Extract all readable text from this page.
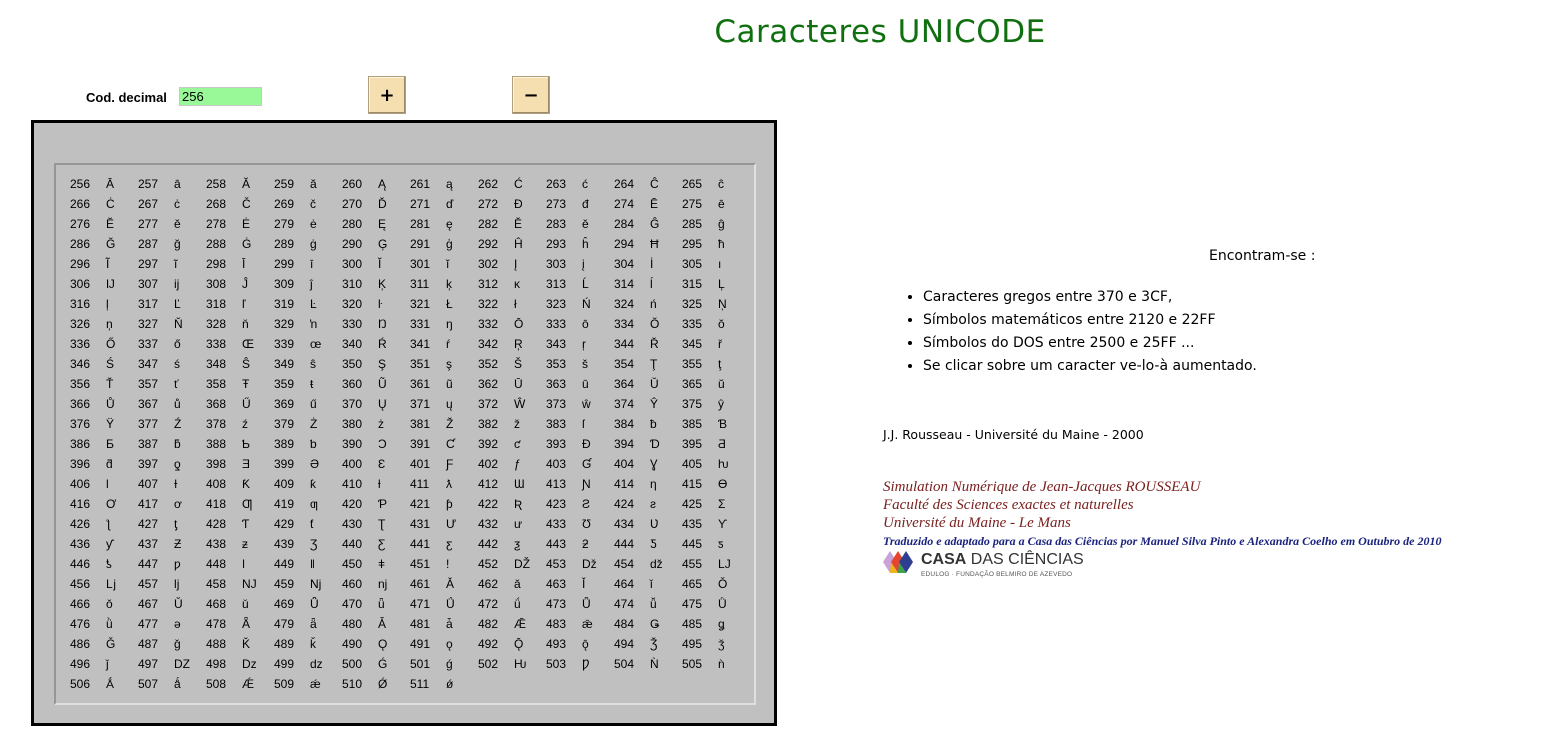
Caracteres UNICODE
Cod. decimal
256	+	−
256 Ā 257 ā 258 Ă 259 ă 260 Ą 261 ą 262 Ć 263 ć 264 Ĉ 265 ĉ
266 Ċ 267 ċ 268 Č 269 č 270 Ď 271 ď 272 Đ 273 đ 274 Ē 275 ē
276 Ĕ 277 ĕ 278 Ė 279 ė 280 Ę 281 ę 282 Ě 283 ě 284 Ĝ 285 ĝ
286 Ğ 287 ğ 288 Ġ 289 ġ 290 Ģ 291 ģ 292 Ĥ 293 ĥ 294 Ħ 295 ħ
296 Ĩ 297 ĩ 298 Ī 299 ī 300 Ĭ 301 ĭ 302 Į 303 į 304 İ 305 ı
306 Ĳ 307 ĳ 308 Ĵ 309 ĵ 310 Ķ 311 ķ 312 ĸ 313 Ĺ 314 ĺ 315 Ļ
316 ļ 317 Ľ 318 ľ 319 Ŀ 320 ŀ 321 Ł 322 ł 323 Ń 324 ń 325 Ņ
326 ņ 327 Ň 328 ň 329 ŉ 330 Ŋ 331 ŋ 332 Ō 333 ō 334 Ŏ 335 ŏ
336 Ő 337 ő 338 Œ 339 œ 340 Ŕ 341 ŕ 342 Ŗ 343 ŗ 344 Ř 345 ř
346 Ś 347 ś 348 Ŝ 349 ŝ 350 Ş 351 ş 352 Š 353 š 354 Ţ 355 ţ
356 Ť 357 ť 358 Ŧ 359 ŧ 360 Ũ 361 ũ 362 Ū 363 ū 364 Ŭ 365 ŭ
366 Ů 367 ů 368 Ű 369 ű 370 Ų 371 ų 372 Ŵ 373 ŵ 374 Ŷ 375 ŷ
376 Ÿ 377 Ź 378 ź 379 Ż 380 ż 381 Ž 382 ž 383 ſ 384 ƀ 385 Ɓ
386 Ƃ 387 ƃ 388 Ƅ 389 ƅ 390 Ɔ 391 Ƈ 392 ƈ 393 Ɖ 394 Ɗ 395 Ƌ
396 ƌ 397 ƍ 398 Ǝ 399 Ə 400 Ɛ 401 Ƒ 402 ƒ 403 Ɠ 404 Ɣ 405 ƕ
406 Ɩ 407 Ɨ 408 Ƙ 409 ƙ 410 ƚ 411 ƛ 412 Ɯ 413 Ɲ 414 ƞ 415 Ɵ
416 Ơ 417 ơ 418 Ƣ 419 ƣ 420 Ƥ 421 ƥ 422 Ʀ 423 Ƨ 424 ƨ 425 Ʃ
426 ƪ 427 ƫ 428 Ƭ 429 ƭ 430 Ʈ 431 Ư 432 ư 433 Ʊ 434 Ʋ 435 Ƴ
436 ƴ 437 Ƶ 438 ƶ 439 Ʒ 440 Ƹ 441 ƹ 442 ƺ 443 ƻ 444 Ƽ 445 ƽ
446 ƾ 447 ƿ 448 ǀ 449 ǁ 450 ǂ 451 ǃ 452 Ǆ 453 ǅ 454 ǆ 455 Ǉ
456 ǈ 457 ǉ 458 Ǌ 459 ǋ 460 ǌ 461 Ǎ 462 ǎ 463 Ǐ 464 ǐ 465 Ǒ
466 ǒ 467 Ǔ 468 ǔ 469 Ǖ 470 ǖ 471 Ǘ 472 ǘ 473 Ǚ 474 ǚ 475 Ǜ
476 ǜ 477 ǝ 478 Ǟ 479 ǟ 480 Ǡ 481 ǡ 482 Ǣ 483 ǣ 484 Ǥ 485 ǥ
486 Ǧ 487 ǧ 488 Ǩ 489 ǩ 490 Ǫ 491 ǫ 492 Ǭ 493 ǭ 494 Ǯ 495 ǯ
496 ǰ 497 Ǳ 498 ǲ 499 ǳ 500 Ǵ 501 ǵ 502 Ƕ 503 Ƿ 504 Ǹ 505 ǹ
506 Ǻ 507 ǻ 508 Ǽ 509 ǽ 510 Ǿ 511 ǿ
Encontram-se :
• Caracteres gregos entre 370 e 3CF,
• Símbolos matemáticos entre 2120 e 22FF
• Símbolos do DOS entre 2500 e 25FF ...
• Se clicar sobre um caracter ve-lo-à aumentado.
J.J. Rousseau - Université du Maine - 2000
Simulation Numérique de Jean-Jacques ROUSSEAU
Faculté des Sciences exactes et naturelles
Université du Maine - Le Mans
Traduzido e adaptado para a Casa das Ciências por Manuel Silva Pinto e Alexandra Coelho em Outubro de 2010
CASA DAS CIÊNCIAS
EDULOG · FUNDAÇÃO BELMIRO DE AZEVEDO
